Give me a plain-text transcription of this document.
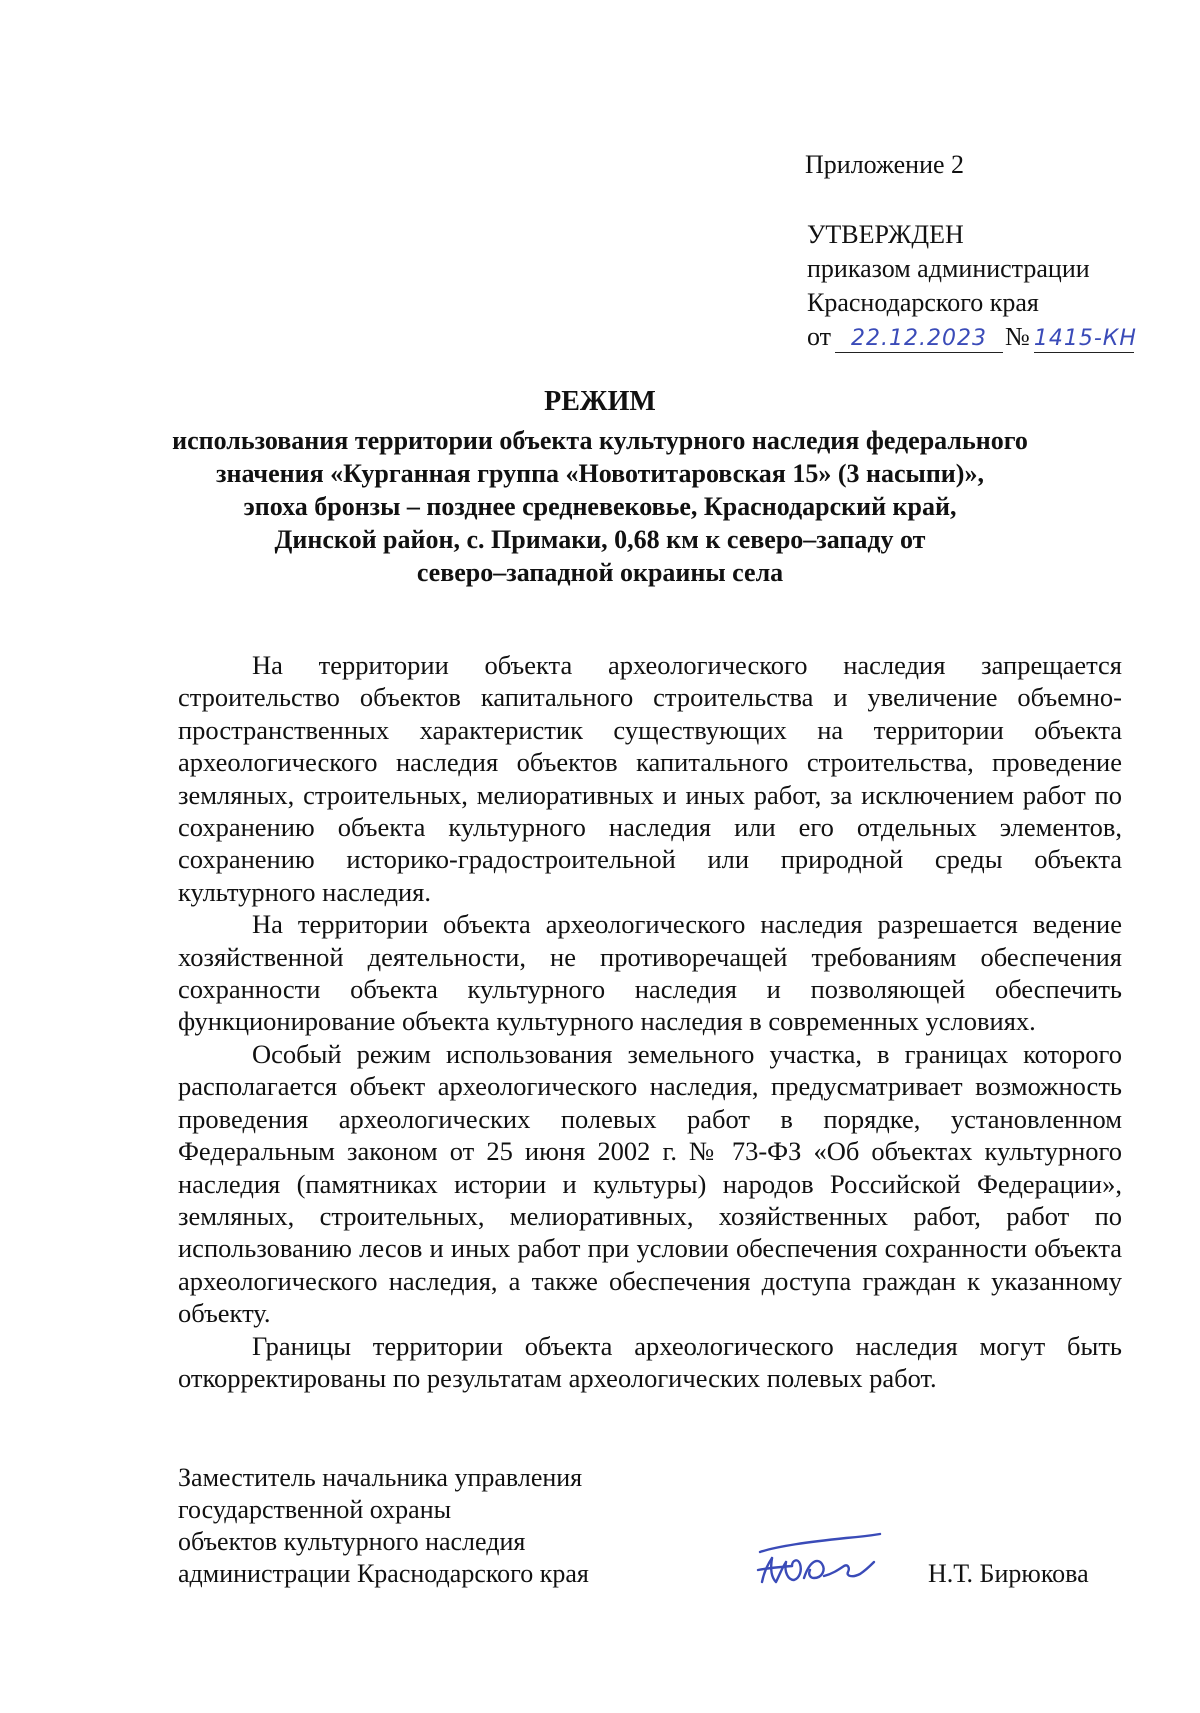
Приложение 2
УТВЕРЖДЕН
приказом администрации
Краснодарского края
от 22.12.2023 № 1415-КН
РЕЖИМ
использования территории объекта культурного наследия федерального
значения «Курганная группа «Новотитаровская 15» (3 насыпи)»,
эпоха бронзы – позднее средневековье, Краснодарский край,
Динской район, с. Примаки, 0,68 км к северо–западу от
северо–западной окраины села

На территории объекта археологического наследия запрещается строительство объектов капитального строительства и увеличение объемно-пространственных характеристик существующих на территории объекта археологического наследия объектов капитального строительства, проведение земляных, строительных, мелиоративных и иных работ, за исключением работ по сохранению объекта культурного наследия или его отдельных элементов, сохранению историко-градостроительной или природной среды объекта культурного наследия.

На территории объекта археологического наследия разрешается ведение хозяйственной деятельности, не противоречащей требованиям обеспечения сохранности объекта культурного наследия и позволяющей обеспечить функционирование объекта культурного наследия в современных условиях.

Особый режим использования земельного участка, в границах которого располагается объект археологического наследия, предусматривает возможность проведения археологических полевых работ в порядке, установленном Федеральным законом от 25 июня 2002 г. № 73-ФЗ «Об объектах культурного наследия (памятниках истории и культуры) народов Российской Федерации», земляных, строительных, мелиоративных, хозяйственных работ, работ по использованию лесов и иных работ при условии обеспечения сохранности объекта археологического наследия, а также обеспечения доступа граждан к указанному объекту.

Границы территории объекта археологического наследия могут быть откорректированы по результатам археологических полевых работ.

Заместитель начальника управления
государственной охраны
объектов культурного наследия
администрации Краснодарского края	Н.Т. Бирюкова
